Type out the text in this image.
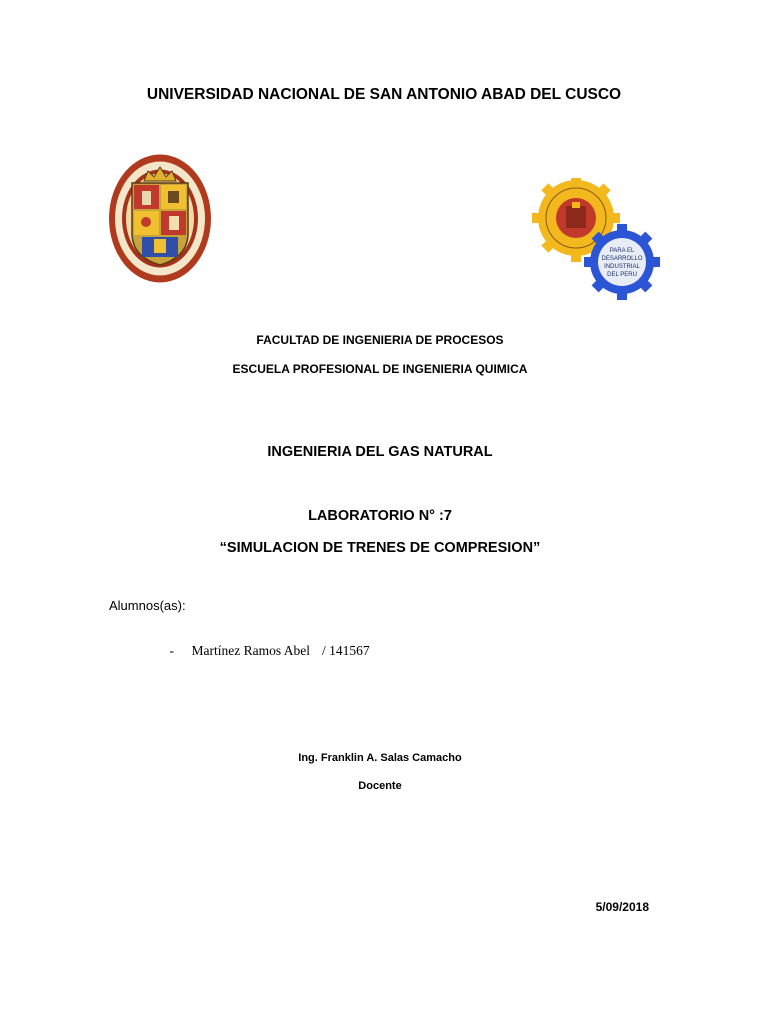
UNIVERSIDAD NACIONAL DE SAN ANTONIO ABAD DEL CUSCO
PARA EL
DESARROLLO
INDUSTRIAL
DEL PERU
FACULTAD DE INGENIERIA DE PROCESOS
ESCUELA PROFESIONAL DE INGENIERIA QUIMICA
INGENIERIA DEL GAS NATURAL
LABORATORIO N° :7
“SIMULACION DE TRENES DE COMPRESION”
Alumnos(as):

- Martínez Ramos Abel / 141567

Ing. Franklin A. Salas Camacho
Docente
5/09/2018
